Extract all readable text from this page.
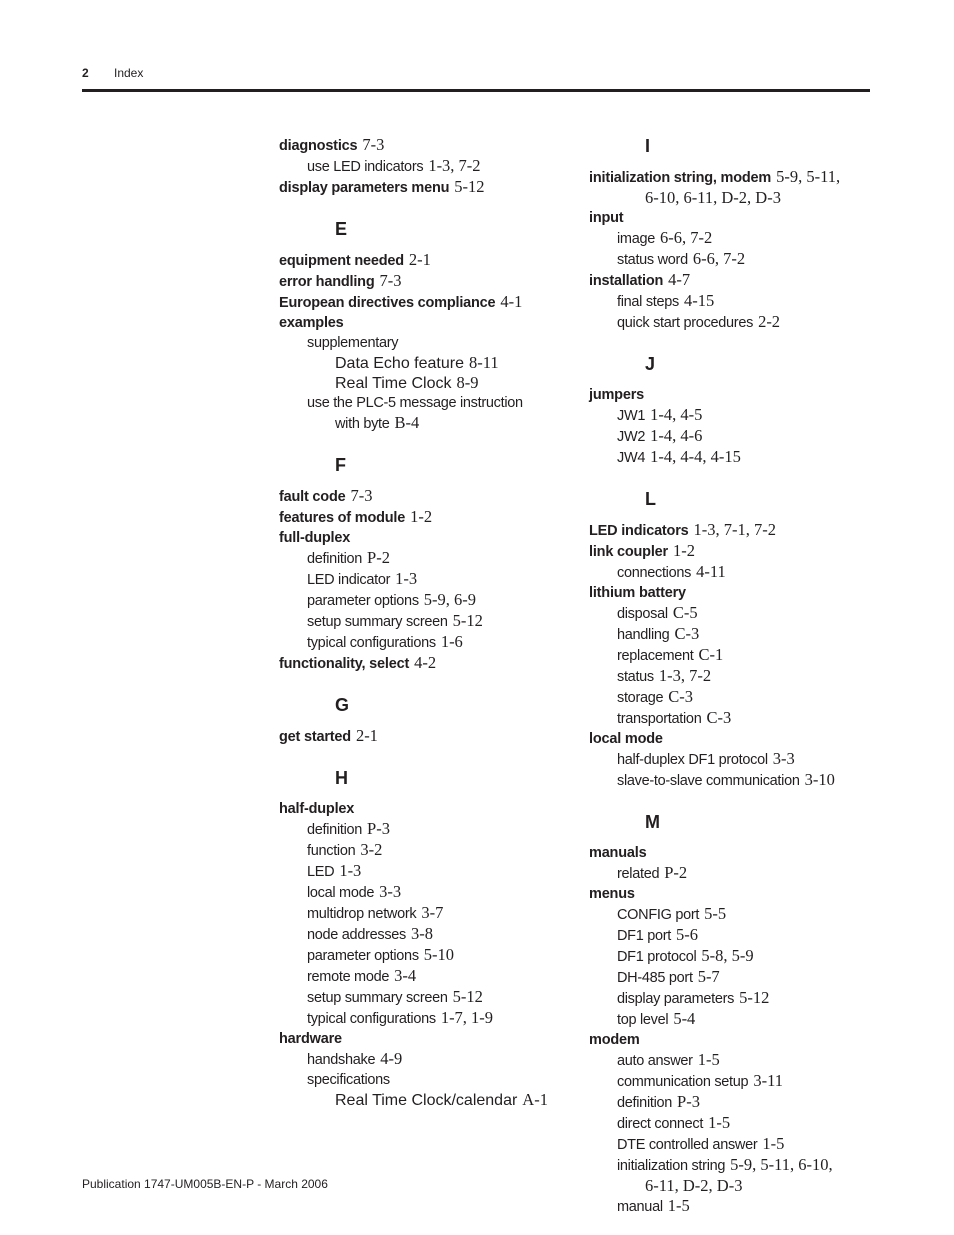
2 Index
diagnostics 7-3
use LED indicators 1-3, 7-2
display parameters menu 5-12
E
equipment needed 2-1
error handling 7-3
European directives compliance 4-1
examples
supplementary
Data Echo feature 8-11
Real Time Clock 8-9
use the PLC-5 message instruction
with byte B-4
F
fault code 7-3
features of module 1-2
full-duplex
definition P-2
LED indicator 1-3
parameter options 5-9, 6-9
setup summary screen 5-12
typical configurations 1-6
functionality, select 4-2
G
get started 2-1
H
half-duplex
definition P-3
function 3-2
LED 1-3
local mode 3-3
multidrop network 3-7
node addresses 3-8
parameter options 5-10
remote mode 3-4
setup summary screen 5-12
typical configurations 1-7, 1-9
hardware
handshake 4-9
specifications
Real Time Clock/calendar A-1
I
initialization string, modem 5-9, 5-11,
6-10, 6-11, D-2, D-3
input
image 6-6, 7-2
status word 6-6, 7-2
installation 4-7
final steps 4-15
quick start procedures 2-2
J
jumpers
JW1 1-4, 4-5
JW2 1-4, 4-6
JW4 1-4, 4-4, 4-15
L
LED indicators 1-3, 7-1, 7-2
link coupler 1-2
connections 4-11
lithium battery
disposal C-5
handling C-3
replacement C-1
status 1-3, 7-2
storage C-3
transportation C-3
local mode
half-duplex DF1 protocol 3-3
slave-to-slave communication 3-10
M
manuals
related P-2
menus
CONFIG port 5-5
DF1 port 5-6
DF1 protocol 5-8, 5-9
DH-485 port 5-7
display parameters 5-12
top level 5-4
modem
auto answer 1-5
communication setup 3-11
definition P-3
direct connect 1-5
DTE controlled answer 1-5
initialization string 5-9, 5-11, 6-10,
6-11, D-2, D-3
manual 1-5
Publication 1747-UM005B-EN-P - March 2006
